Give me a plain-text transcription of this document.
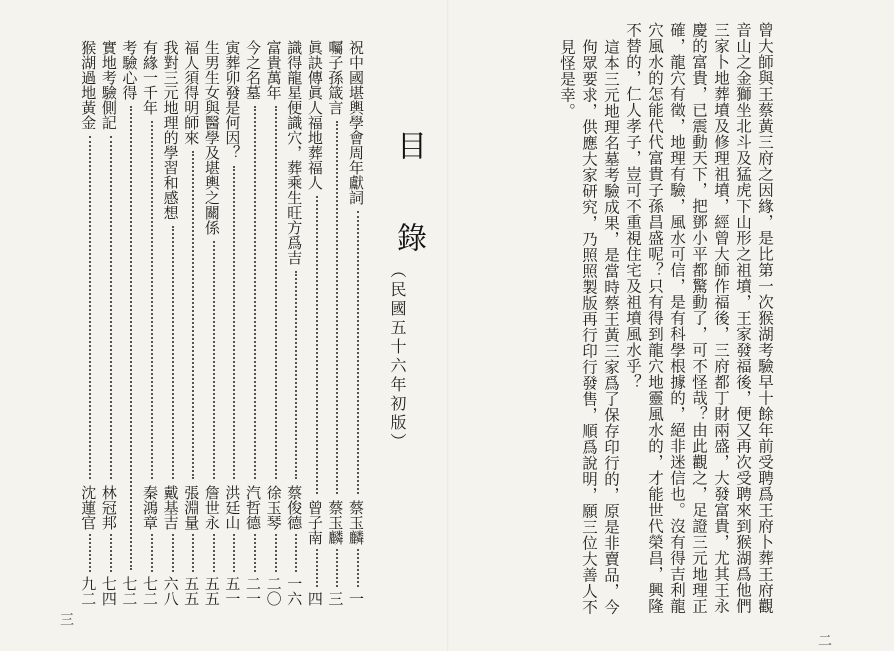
曾大師與王蔡黃三府之因緣，是比第一次猴湖考驗早十餘年前受聘爲王府卜葬王府觀音山之金獅坐北斗及猛虎下山形之祖墳，王家發福後，便又再次受聘來到猴湖爲他們三家卜地葬墳及修理祖墳，經曾大師作福後，三府都丁財兩盛，大發富貴，尤其王永慶的富貴，已震動天下，把鄧小平都驚動了，可不怪哉？由此觀之，足證三元地理正確，龍穴有徵，地理有驗，風水可信，是有科學根據的，絕非迷信也。沒有得吉利龍穴風水的怎能代代富貴子孫昌盛呢？只有得到龍穴地靈風水的，才能世代榮昌，興隆不替的，仁人孝子，豈可不重視住宅及祖墳風水乎？

這本三元地理名墓考驗成果，是當時蔡王黃三家爲了保存印行的，原是非賣品，今佝眾要求，供應大家研究，乃照照製版再行印行發售，順爲說明，願三位大善人不見怪是幸。

二
目錄
（民國五十六年初版）
祝中國堪輿學會周年獻詞
一
蔡玉麟
囑子孫箴言
三
蔡玉麟
眞訣傳眞人福地葬福人
四
曾子南
識得龍星便識穴，葬乘生旺方爲吉
一六
蔡俊德
富貴萬年
二〇
徐玉琴
今之名墓
二一
汽哲德
寅葬卯發是何因？
五一
洪廷山
生男生女與醫學及堪輿之關係
五五
詹世永
福人須得明師來
五五
張淵量
我對三元地理的學習和感想
六八
戴基吉
有緣一千年
七二
秦鴻章
考驗心得
七二
實地考驗側記
七四
林冠邦
猴湖過地黃金
九二
沈蓮官
三
